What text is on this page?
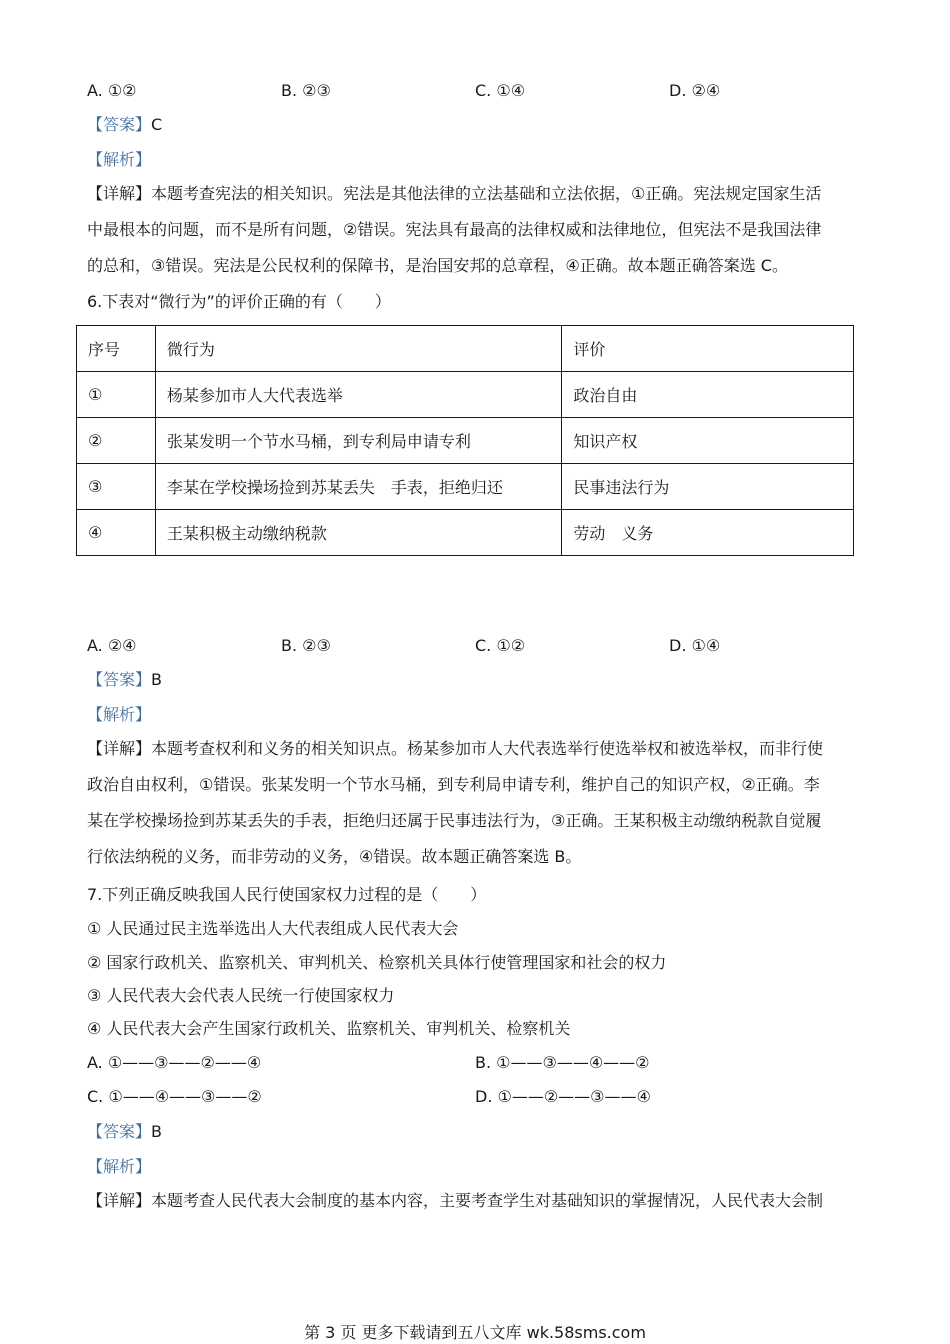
A. ①②	B. ②③	C. ①④	D. ②④
【答案】C
【解析】
【详解】本题考查宪法的相关知识。宪法是其他法律的立法基础和立法依据，①正确。宪法规定国家生活
中最根本的问题，而不是所有问题，②错误。宪法具有最高的法律权威和法律地位，但宪法不是我国法律
的总和，③错误。宪法是公民权利的保障书，是治国安邦的总章程，④正确。故本题正确答案选 C。
6.下表对“微行为”的评价正确的有（　　）
序号	微行为	评价
①	杨某参加市人大代表选举	政治自由
②	张某发明一个节水马桶，到专利局申请专利	知识产权
③	李某在学校操场捡到苏某丢失　手表，拒绝归还	民事违法行为
④	王某积极主动缴纳税款	劳动　义务
A. ②④	B. ②③	C. ①②	D. ①④
【答案】B
【解析】
【详解】本题考查权利和义务的相关知识点。杨某参加市人大代表选举行使选举权和被选举权，而非行使
政治自由权利，①错误。张某发明一个节水马桶，到专利局申请专利，维护自己的知识产权，②正确。李
某在学校操场捡到苏某丢失的手表，拒绝归还属于民事违法行为，③正确。王某积极主动缴纳税款自觉履
行依法纳税的义务，而非劳动的义务，④错误。故本题正确答案选 B。
7.下列正确反映我国人民行使国家权力过程的是（　　）
① 人民通过民主选举选出人大代表组成人民代表大会
② 国家行政机关、监察机关、审判机关、检察机关具体行使管理国家和社会的权力
③ 人民代表大会代表人民统一行使国家权力
④ 人民代表大会产生国家行政机关、监察机关、审判机关、检察机关
A. ①——③——②——④	B. ①——③——④——②
C. ①——④——③——②	D. ①——②——③——④
【答案】B
【解析】
【详解】本题考查人民代表大会制度的基本内容，主要考查学生对基础知识的掌握情况，人民代表大会制
第 3 页 更多下载请到五八文库 wk.58sms.com
